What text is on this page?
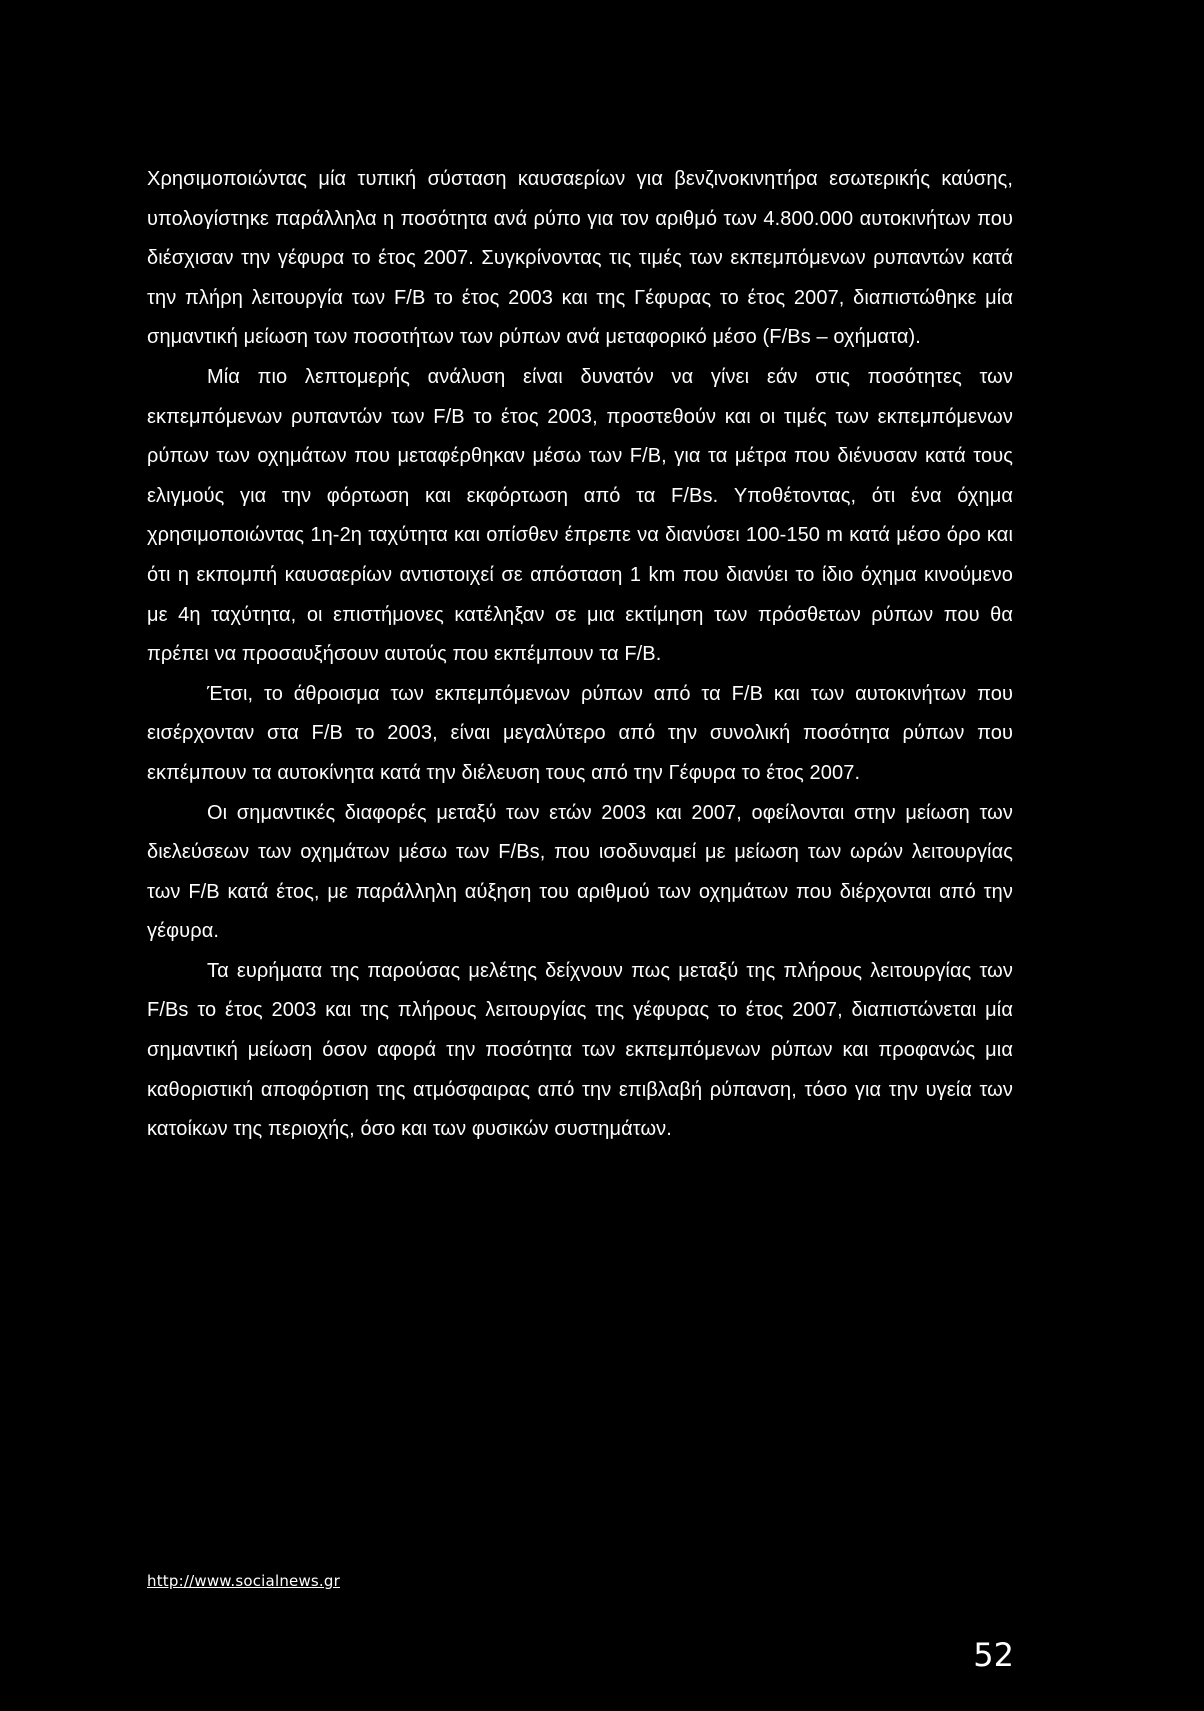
Χρησιμοποιώντας μία τυπική σύσταση καυσαερίων για βενζινοκινητήρα εσωτερικής καύσης, υπολογίστηκε παράλληλα η ποσότητα ανά ρύπο για τον αριθμό των 4.800.000 αυτοκινήτων που διέσχισαν την γέφυρα το έτος 2007. Συγκρίνοντας τις τιμές των εκπεμπόμενων ρυπαντών κατά την πλήρη λειτουργία των F/B το έτος 2003 και της Γέφυρας το έτος 2007, διαπιστώθηκε μία σημαντική μείωση των ποσοτήτων των ρύπων ανά μεταφορικό μέσο (F/Bs – οχήματα).

Μία πιο λεπτομερής ανάλυση είναι δυνατόν να γίνει εάν στις ποσότητες των εκπεμπόμενων ρυπαντών των F/B το έτος 2003, προστεθούν και οι τιμές των εκπεμπόμενων ρύπων των οχημάτων που μεταφέρθηκαν μέσω των F/B, για τα μέτρα που διένυσαν κατά τους ελιγμούς για την φόρτωση και εκφόρτωση από τα F/Bs. Υποθέτοντας, ότι ένα όχημα χρησιμοποιώντας 1η-2η ταχύτητα και οπίσθεν έπρεπε να διανύσει 100-150 m κατά μέσο όρο και ότι η εκπομπή καυσαερίων αντιστοιχεί σε απόσταση 1 km που διανύει το ίδιο όχημα κινούμενο με 4η ταχύτητα, οι επιστήμονες κατέληξαν σε μια εκτίμηση των πρόσθετων ρύπων που θα πρέπει να προσαυξήσουν αυτούς που εκπέμπουν τα F/B.

Έτσι, το άθροισμα των εκπεμπόμενων ρύπων από τα F/B και των αυτοκινήτων που εισέρχονταν στα F/B το 2003, είναι μεγαλύτερο από την συνολική ποσότητα ρύπων που εκπέμπουν τα αυτοκίνητα κατά την διέλευση τους από την Γέφυρα το έτος 2007.

Οι σημαντικές διαφορές μεταξύ των ετών 2003 και 2007, οφείλονται στην μείωση των διελεύσεων των οχημάτων μέσω των F/Bs, που ισοδυναμεί με μείωση των ωρών λειτουργίας των F/B κατά έτος, με παράλληλη αύξηση του αριθμού των οχημάτων που διέρχονται από την γέφυρα.

Τα ευρήματα της παρούσας μελέτης δείχνουν πως μεταξύ της πλήρους λειτουργίας των F/Bs το έτος 2003 και της πλήρους λειτουργίας της γέφυρας το έτος 2007, διαπιστώνεται μία σημαντική μείωση όσον αφορά την ποσότητα των εκπεμπόμενων ρύπων και προφανώς μια καθοριστική αποφόρτιση της ατμόσφαιρας από την επιβλαβή ρύπανση, τόσο για την υγεία των κατοίκων της περιοχής, όσο και των φυσικών συστημάτων.

http://www.socialnews.gr
52
